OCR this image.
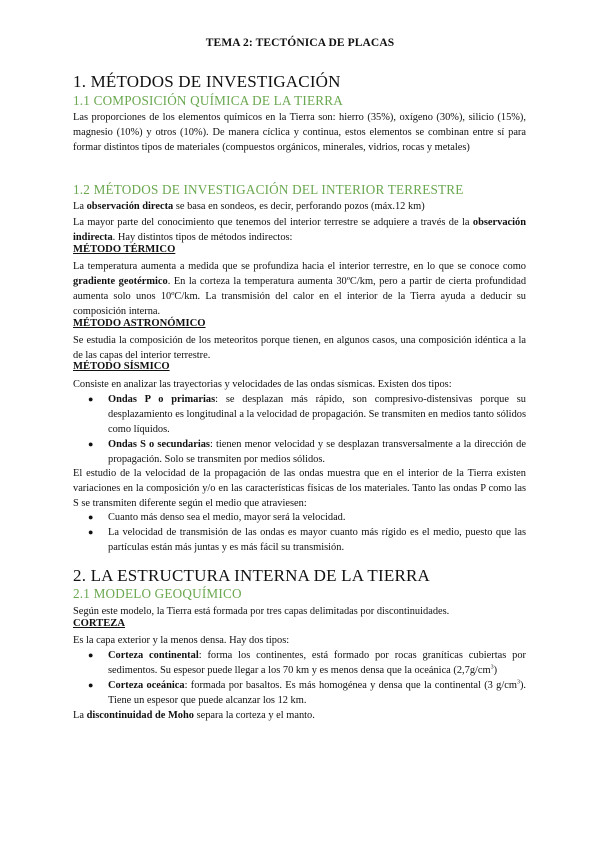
TEMA 2: TECTÓNICA DE PLACAS
1. MÉTODOS DE INVESTIGACIÓN
1.1 COMPOSICIÓN QUÍMICA DE LA TIERRA
Las proporciones de los elementos químicos en la Tierra son: hierro (35%), oxígeno (30%), silicio (15%), magnesio (10%) y otros (10%). De manera cíclica y continua, estos elementos se combinan entre sí para formar distintos tipos de materiales (compuestos orgánicos, minerales, vidrios, rocas y metales)
1.2 MÉTODOS DE INVESTIGACIÓN DEL INTERIOR TERRESTRE
La observación directa se basa en sondeos, es decir, perforando pozos (máx.12 km)
La mayor parte del conocimiento que tenemos del interior terrestre se adquiere a través de la observación indirecta. Hay distintos tipos de métodos indirectos:
MÉTODO TÉRMICO
La temperatura aumenta a medida que se profundiza hacia el interior terrestre, en lo que se conoce como gradiente geotérmico. En la corteza la temperatura aumenta 30ºC/km, pero a partir de cierta profundidad aumenta solo unos 10ºC/km. La transmisión del calor en el interior de la Tierra ayuda a deducir su composición interna.
MÉTODO ASTRONÓMICO
Se estudia la composición de los meteoritos porque tienen, en algunos casos, una composición idéntica a la de las capas del interior terrestre.
MÉTODO SÍSMICO
Consiste en analizar las trayectorias y velocidades de las ondas sísmicas. Existen dos tipos:
● Ondas P o primarias: se desplazan más rápido, son compresivo-distensivas porque su desplazamiento es longitudinal a la velocidad de propagación. Se transmiten en medios tanto sólidos como líquidos.
● Ondas S o secundarias: tienen menor velocidad y se desplazan transversalmente a la dirección de propagación. Solo se transmiten por medios sólidos.
El estudio de la velocidad de la propagación de las ondas muestra que en el interior de la Tierra existen variaciones en la composición y/o en las características físicas de los materiales. Tanto las ondas P como las S se transmiten diferente según el medio que atraviesen:
● Cuanto más denso sea el medio, mayor será la velocidad.
● La velocidad de transmisión de las ondas es mayor cuanto más rígido es el medio, puesto que las partículas están más juntas y es más fácil su transmisión.
2. LA ESTRUCTURA INTERNA DE LA TIERRA
2.1 MODELO GEOQUÍMICO
Según este modelo, la Tierra está formada por tres capas delimitadas por discontinuidades.
CORTEZA
Es la capa exterior y la menos densa. Hay dos tipos:
● Corteza continental: forma los continentes, está formado por rocas graníticas cubiertas por sedimentos. Su espesor puede llegar a los 70 km y es menos densa que la oceánica $(2,7g/cm^3)$
● Corteza oceánica: formada por basaltos. Es más homogénea y densa que la continental (3 $g/cm^3$). Tiene un espesor que puede alcanzar los 12 km.
La discontinuidad de Moho separa la corteza y el manto.
